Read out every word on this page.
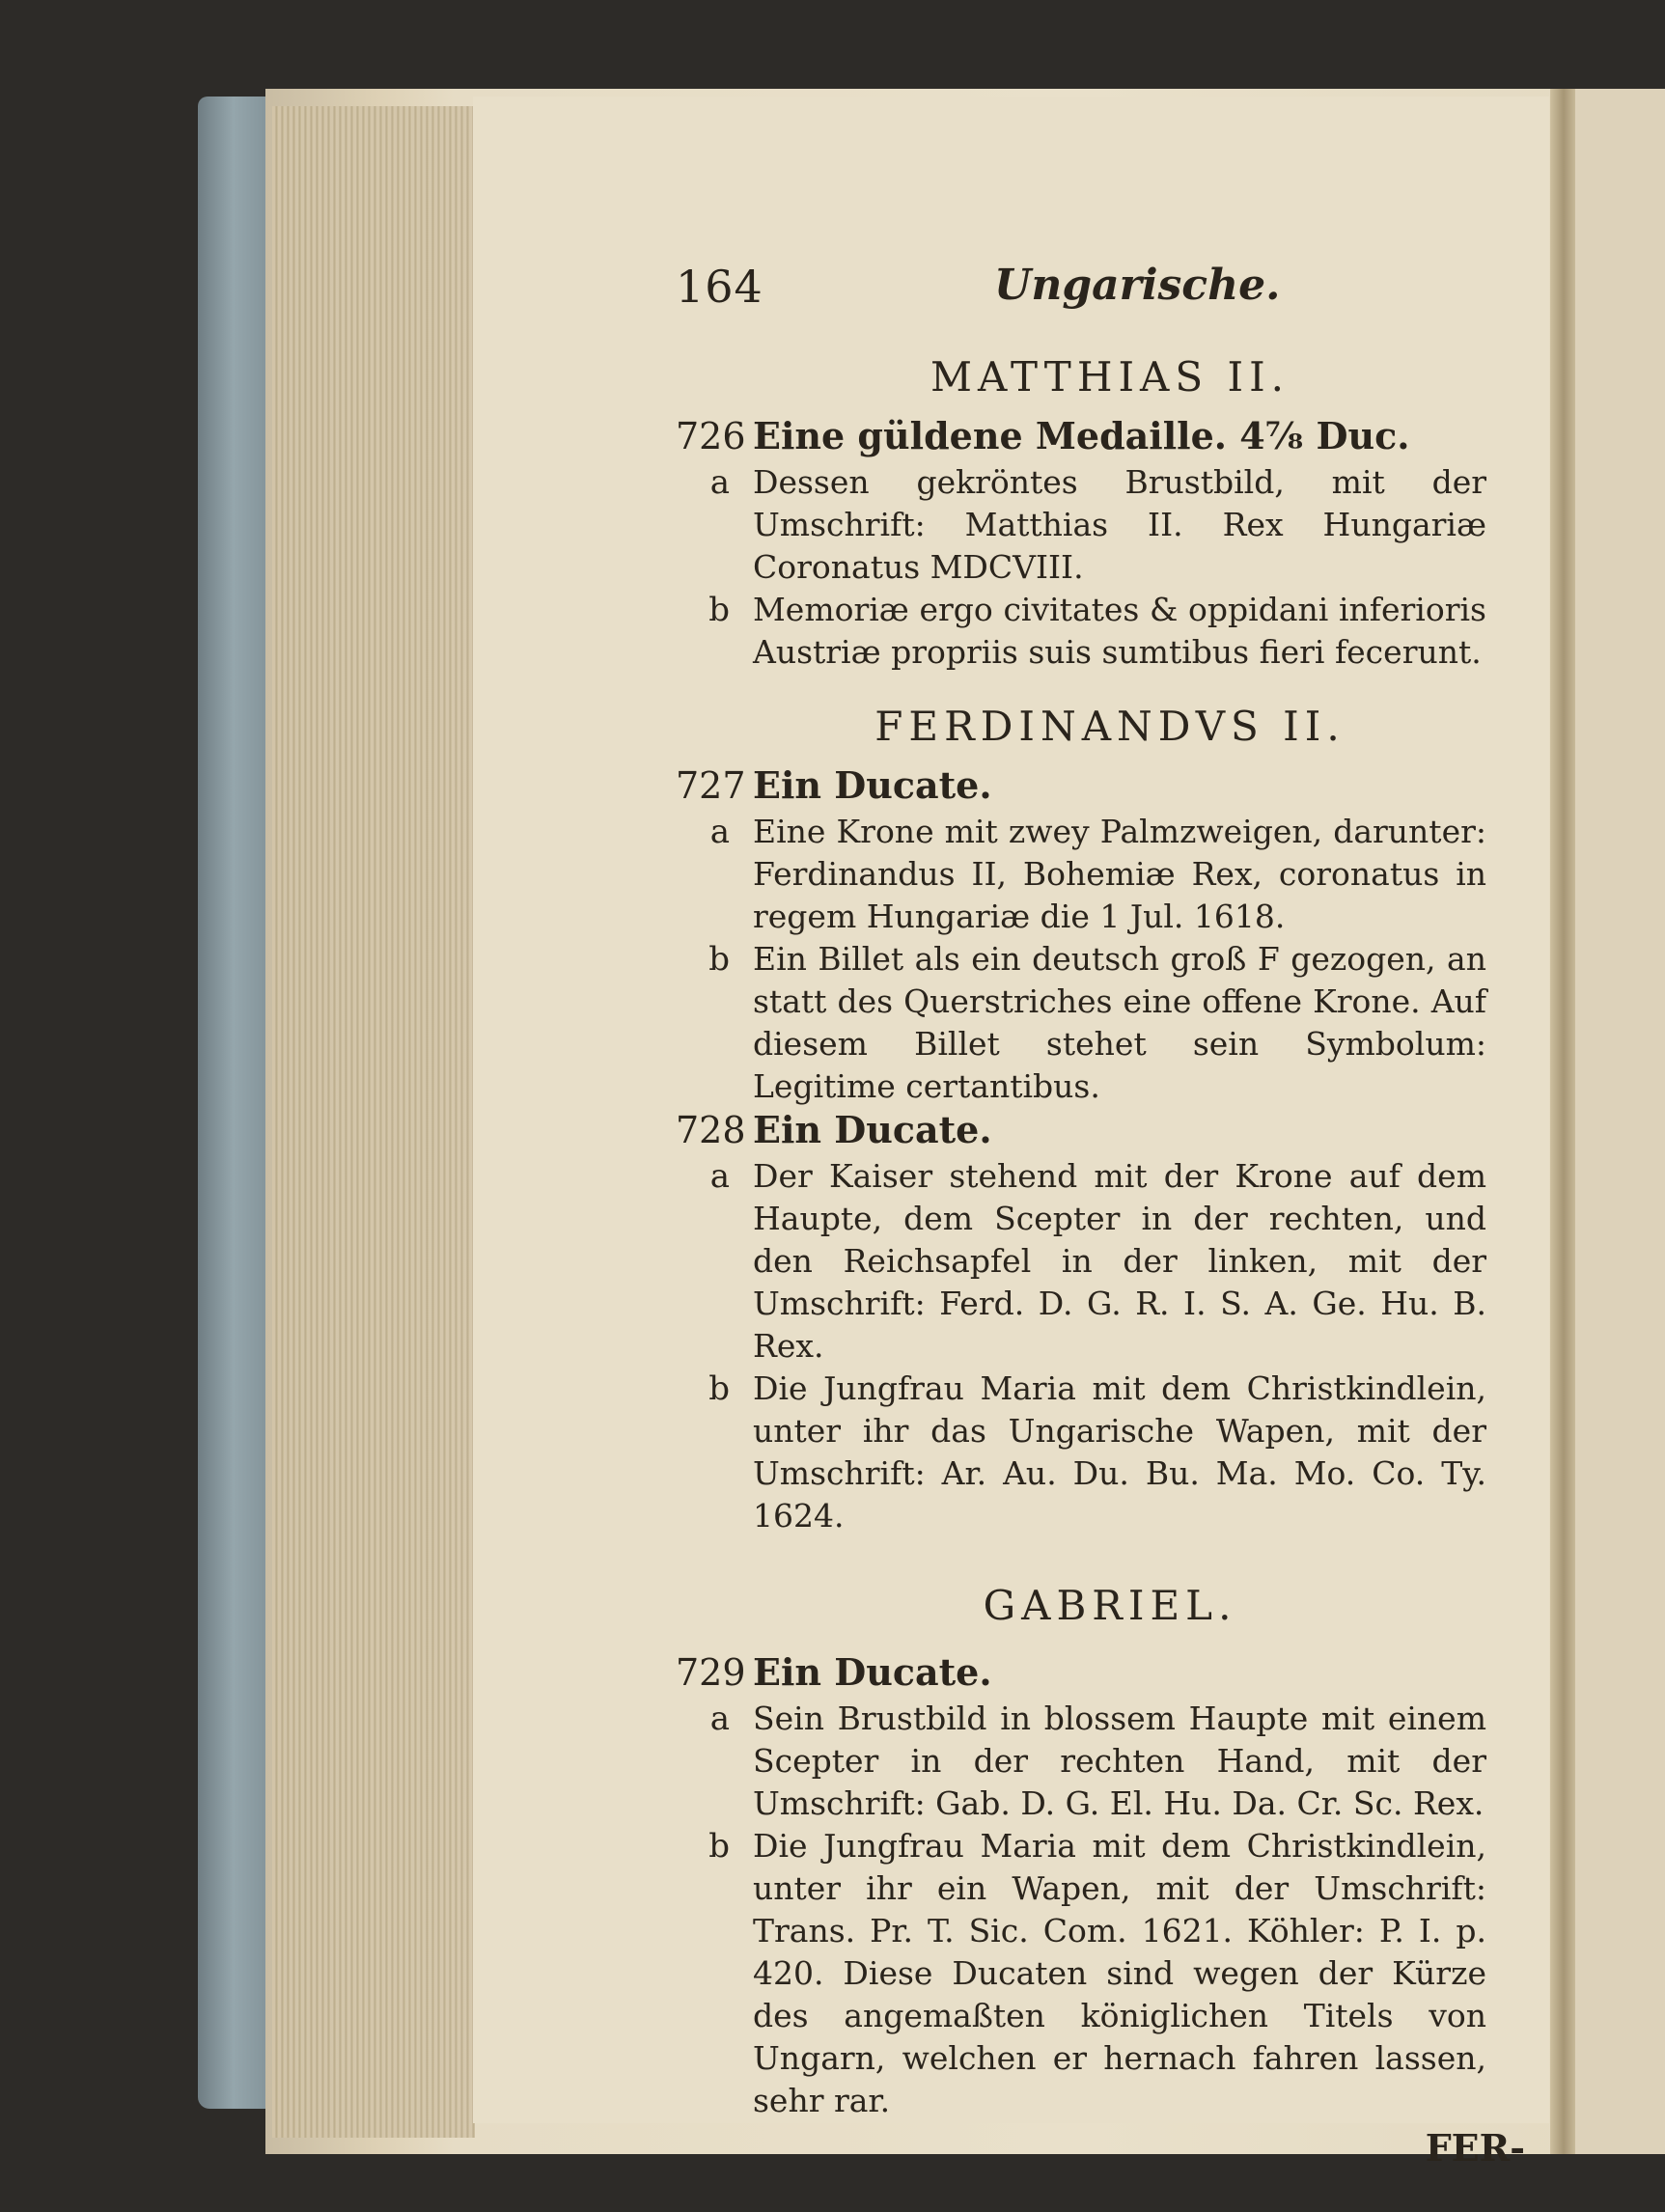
164	Ungarische.
MATTHIAS II.
726 Eine güldene Medaille. 4⁷⁄₈ Duc.
a Dessen gekröntes Brustbild, mit der Umschrift: Matthias II. Rex Hungariæ Coronatus MDCVIII.
b Memoriæ ergo civitates & oppidani inferioris Austriæ propriis suis sumtibus fieri fecerunt.
FERDINANDVS II.
727 Ein Ducate.
a Eine Krone mit zwey Palmzweigen, darunter: Ferdinandus II, Bohemiæ Rex, coronatus in regem Hungariæ die 1 Jul. 1618.
b Ein Billet als ein deutsch groß F gezogen, an statt des Querstriches eine offene Krone. Auf diesem Billet stehet sein Symbolum: Legitime certantibus.
728 Ein Ducate.
a Der Kaiser stehend mit der Krone auf dem Haupte, dem Scepter in der rechten, und den Reichsapfel in der linken, mit der Umschrift: Ferd. D. G. R. I. S. A. Ge. Hu. B. Rex.
b Die Jungfrau Maria mit dem Christkindlein, unter ihr das Ungarische Wapen, mit der Umschrift: Ar. Au. Du. Bu. Ma. Mo. Co. Ty. 1624.
GABRIEL.
729 Ein Ducate.
a Sein Brustbild in blossem Haupte mit einem Scepter in der rechten Hand, mit der Umschrift: Gab. D. G. El. Hu. Da. Cr. Sc. Rex.
b Die Jungfrau Maria mit dem Christkindlein, unter ihr ein Wapen, mit der Umschrift: Trans. Pr. T. Sic. Com. 1621. Köhler: P. I. p. 420. Diese Ducaten sind wegen der Kürze des angemaßten königlichen Titels von Ungarn, welchen er hernach fahren lassen, sehr rar.
FER-
